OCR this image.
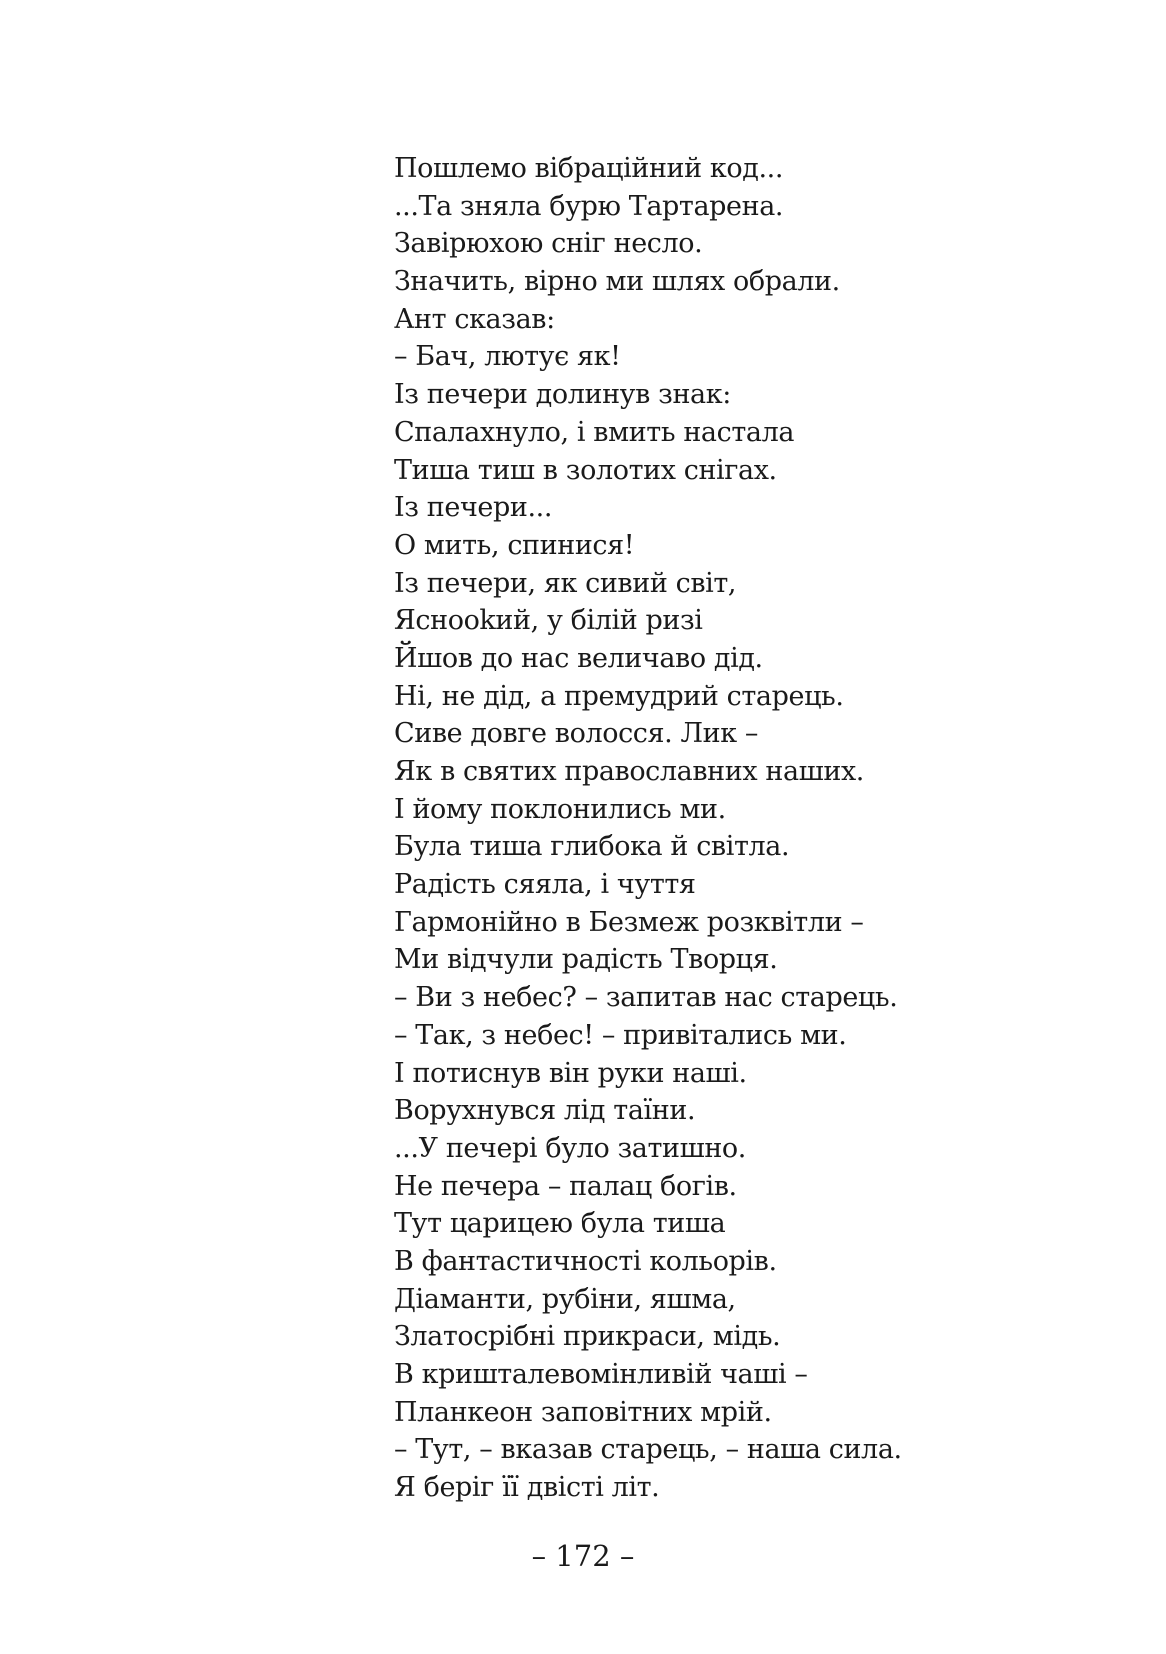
Пошлемо вібраційний код...
...Та зняла бурю Тартарена.
Завірюхою сніг несло.
Значить, вірно ми шлях обрали.
Ант сказав:
– Бач, лютує як!
Із печери долинув знак:
Спалахнуло, і вмить настала
Тиша тиш в золотих снігах.
Із печери...
О мить, спинися!
Із печери, як сивий світ,
Яснookий, у білій ризі
Йшов до нас величаво дід.
Ні, не дід, а премудрий старець.
Сиве довге волосся. Лик –
Як в святих православних наших.
І йому поклонились ми.
Була тиша глибока й світла.
Радість сяяла, і чуття
Гармонійно в Безмеж розквітли –
Ми відчули радість Творця.
– Ви з небес? – запитав нас старець.
– Так, з небес! – привітались ми.
І потиснув він руки наші.
Ворухнувся лід таїни.
...У печері було затишно.
Не печера – палац богів.
Тут царицею була тиша
В фантастичності кольорів.
Діаманти, рубіни, яшма,
Златосрібні прикраси, мідь.
В кришталевомінливій чаші –
Планкеон заповітних мрій.
– Тут, – вказав старець, – наша сила.
Я беріг її двісті літ.
– 172 –
